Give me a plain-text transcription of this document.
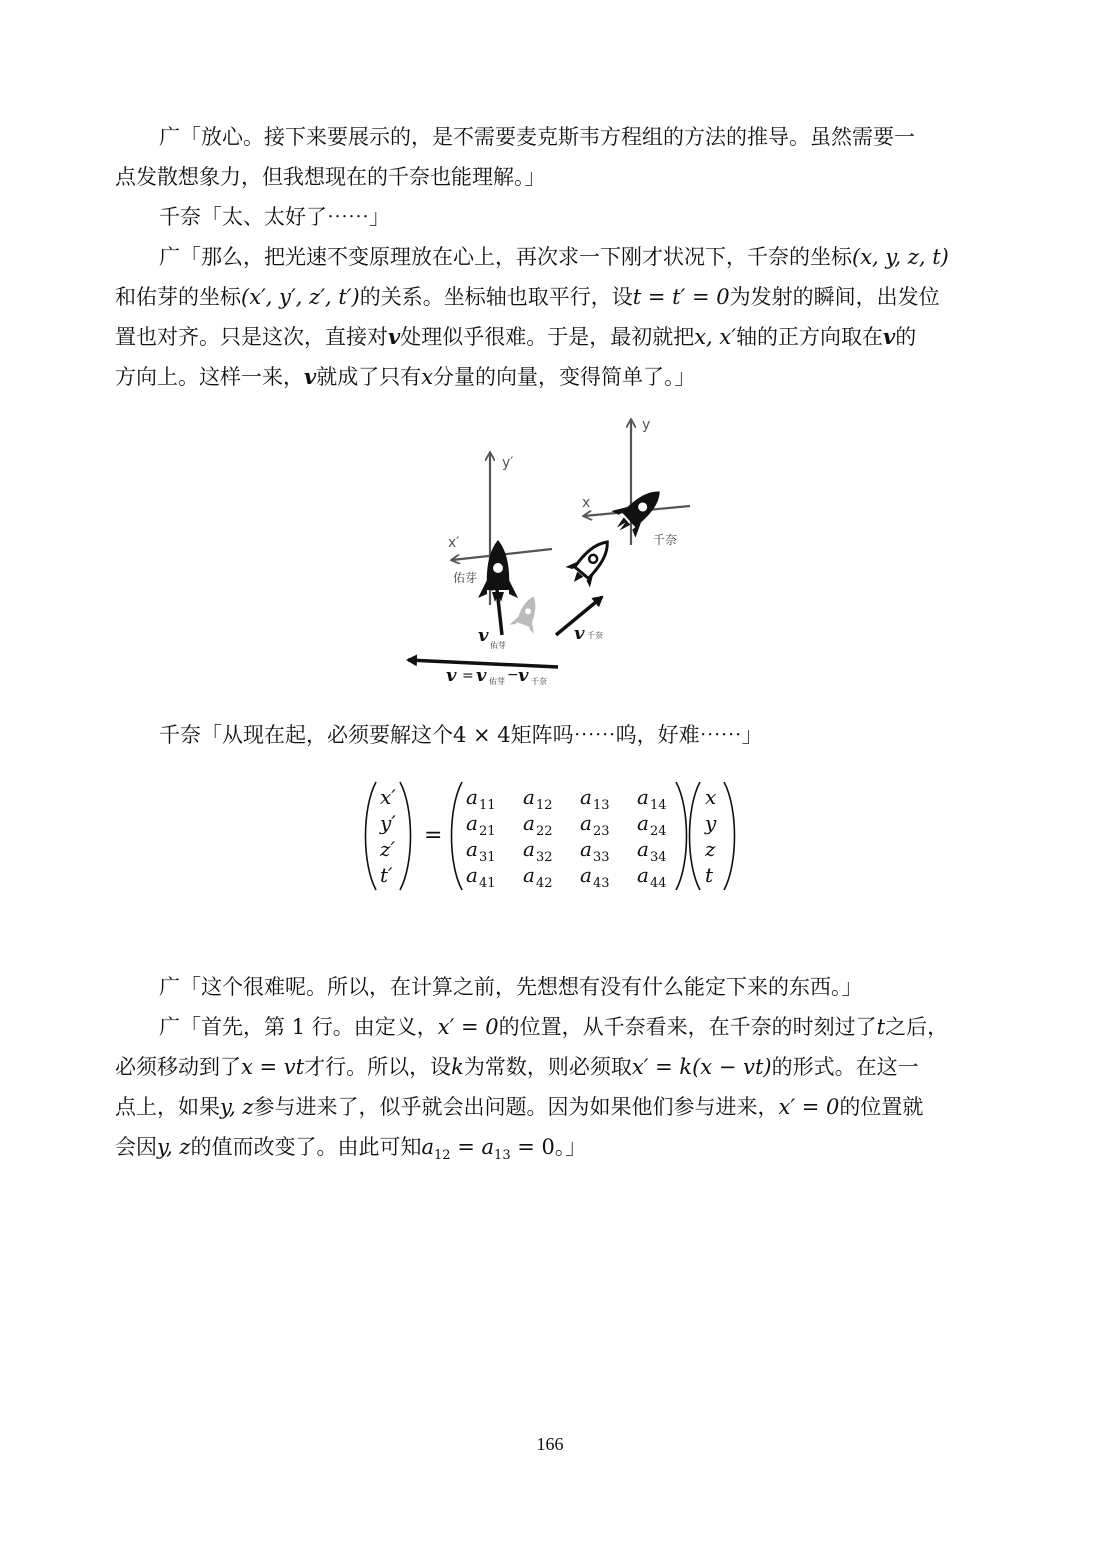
广「放心。接下来要展示的，是不需要麦克斯韦方程组的方法的推导。虽然需要一
点发散想象力，但我想现在的千奈也能理解。」

千奈「太、太好了⋯⋯」

广「那么，把光速不变原理放在心上，再次求一下刚才状况下，千奈的坐标(x, y, z, t)
和佑芽的坐标(x′, y′, z′, t′)的关系。坐标轴也取平行，设t = t′ = 0为发射的瞬间，出发位
置也对齐。只是这次，直接对v处理似乎很难。于是，最初就把x, x′轴的正方向取在v的
方向上。这样一来，v就成了只有x分量的向量，变得简单了。」

y′
x′
佑芽
y
x
千奈
v 佑芽
v 千奈
v = v 佑芽 − v 千奈

千奈「从现在起，必须要解这个4 × 4矩阵吗⋯⋯呜，好难⋯⋯」

x′
y′
z′
t′
=
a 11 a 12 a 13 a 14
a 21 a 22 a 23 a 24
a 31 a 32 a 33 a 34
a 41 a 42 a 43 a 44
x
y
z
t

广「这个很难呢。所以，在计算之前，先想想有没有什么能定下来的东西。」

广「首先，第 1 行。由定义，x′ = 0的位置，从千奈看来，在千奈的时刻过了t之后，
必须移动到了x = vt才行。所以，设k为常数，则必须取x′ = k(x − vt)的形式。在这一
点上，如果y, z参与进来了，似乎就会出问题。因为如果他们参与进来，x′ = 0的位置就
会因y, z的值而改变了。由此可知$a_{12} = a_{13} = 0$。」

166
